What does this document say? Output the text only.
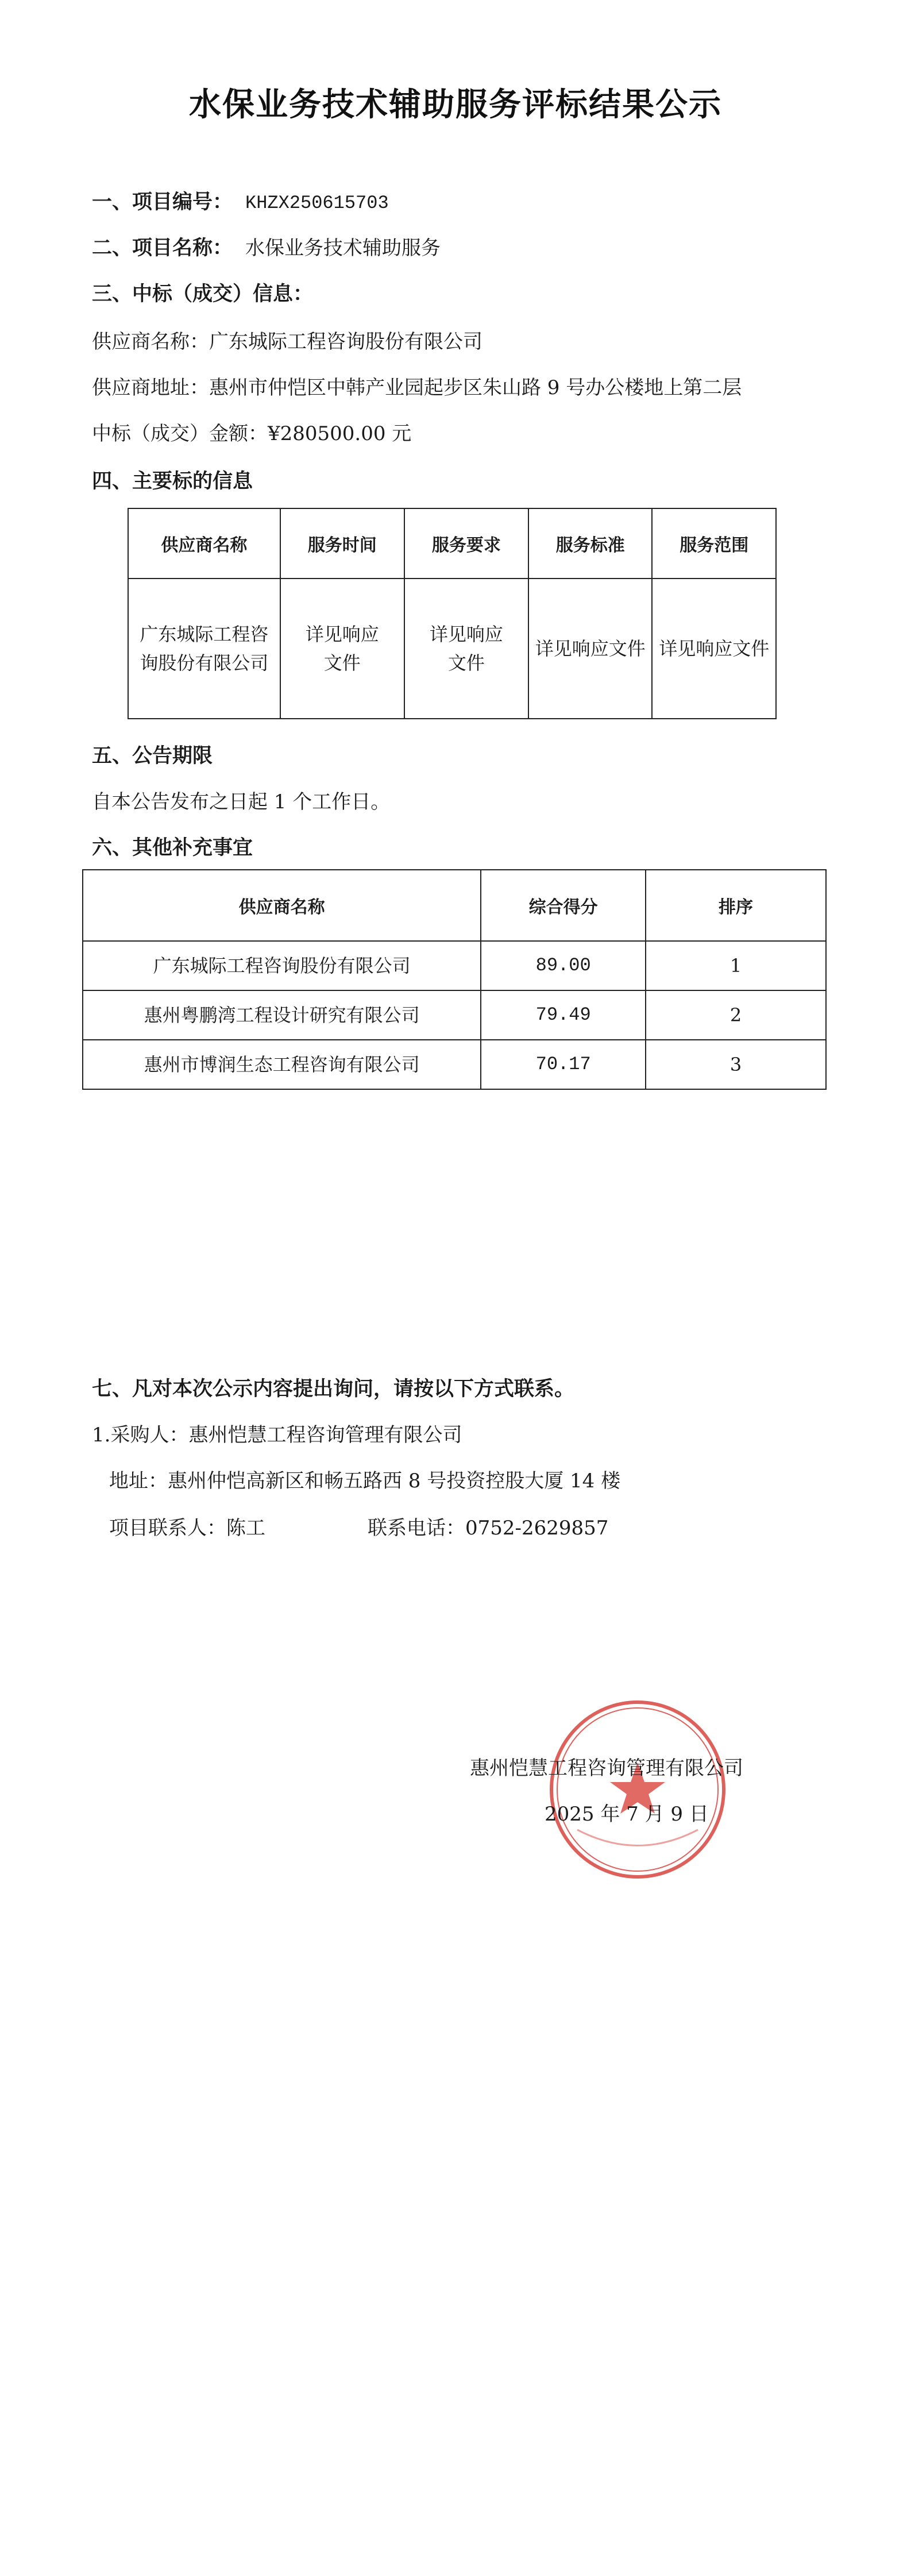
水保业务技术辅助服务评标结果公示
一、项目编号： KHZX250615703
二、项目名称： 水保业务技术辅助服务
三、中标（成交）信息：
供应商名称：广东城际工程咨询股份有限公司
供应商地址：惠州市仲恺区中韩产业园起步区朱山路 9 号办公楼地上第二层
中标（成交）金额：¥280500.00 元
四、主要标的信息
供应商名称	服务时间	服务要求	服务标准	服务范围
广东城际工程咨询股份有限公司	详见响应文件	详见响应文件	详见响应文件	详见响应文件
五、公告期限
自本公告发布之日起 1 个工作日。
六、其他补充事宜
供应商名称	综合得分	排序
广东城际工程咨询股份有限公司	89.00	1
惠州粤鹏湾工程设计研究有限公司	79.49	2
惠州市博润生态工程咨询有限公司	70.17	3
七、凡对本次公示内容提出询问，请按以下方式联系。
1.采购人：惠州恺慧工程咨询管理有限公司
地址：惠州仲恺高新区和畅五路西 8 号投资控股大厦 14 楼
项目联系人：陈工	联系电话：0752-2629857
惠州恺慧工程咨询管理有限公司
2025 年 7 月 9 日
